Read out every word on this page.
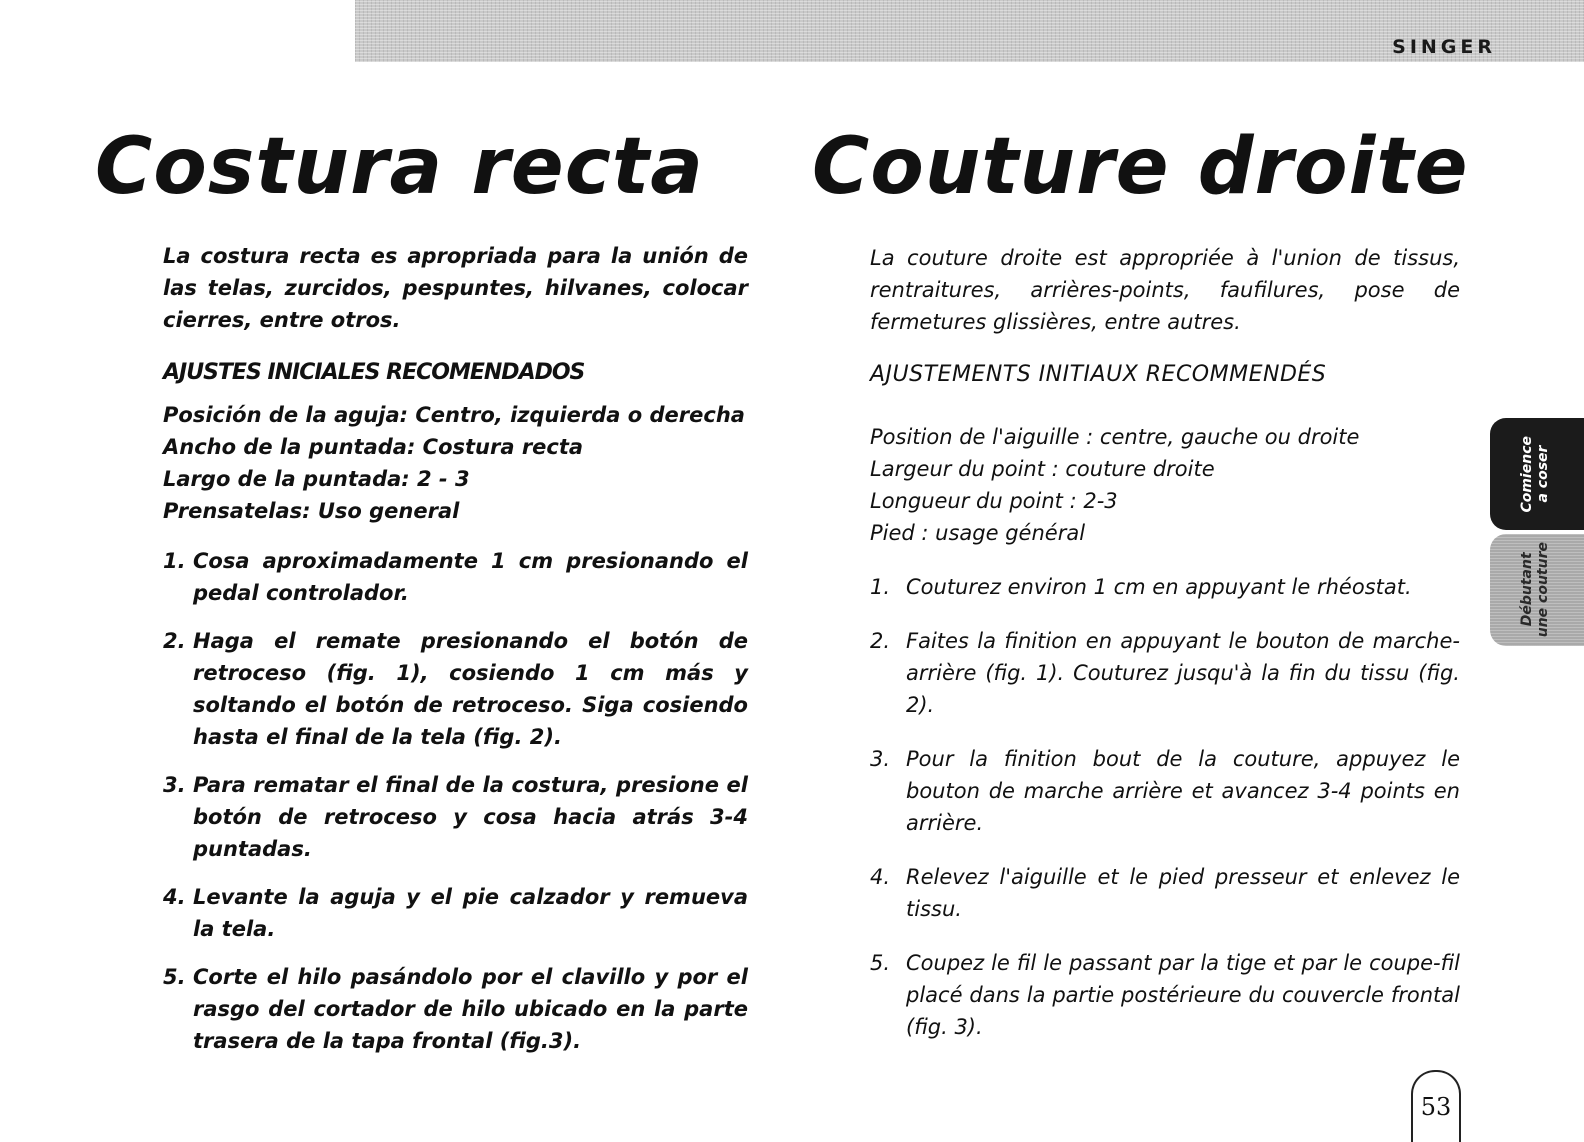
SINGER
Costura recta Couture droite

La costura recta es apropriada para la unión de las telas, zurcidos, pespuntes, hilvanes, colocar cierres, entre otros.

AJUSTES INICIALES RECOMENDADOS

Posición de la aguja: Centro, izquierda o derecha
Ancho de la puntada: Costura recta
Largo de la puntada: 2 - 3
Prensatelas: Uso general
1. Cosa aproximadamente 1 cm presionando el pedal controlador.
2. Haga el remate presionando el botón de retroceso (fig. 1), cosiendo 1 cm más y soltando el botón de retroceso. Siga cosiendo hasta el final de la tela (fig. 2).
3. Para rematar el final de la costura, presione el botón de retroceso y cosa hacia atrás 3-4 puntadas.
4. Levante la aguja y el pie calzador y remueva la tela.
5. Corte el hilo pasándolo por el clavillo y por el rasgo del cortador de hilo ubicado en la parte trasera de la tapa frontal (fig.3).

La couture droite est appropriée à l'union de tissus, rentraitures, arrières-points, faufilures, pose de fermetures glissières, entre autres.

AJUSTEMENTS INITIAUX RECOMMENDÉS

Position de l'aiguille : centre, gauche ou droite
Largeur du point : couture droite
Longueur du point : 2-3
Pied : usage général
1. Couturez environ 1 cm en appuyant le rhéostat.
2. Faites la finition en appuyant le bouton de marche-arrière (fig. 1). Couturez jusqu'à la fin du tissu (fig. 2).
3. Pour la finition bout de la couture, appuyez le bouton de marche arrière et avancez 3-4 points en arrière.
4. Relevez l'aiguille et le pied presseur et enlevez le tissu.
5. Coupez le fil le passant par la tige et par le coupe-fil placé dans la partie postérieure du couvercle frontal (fig. 3).
Comience
a coser
Débutant
une couture
53
